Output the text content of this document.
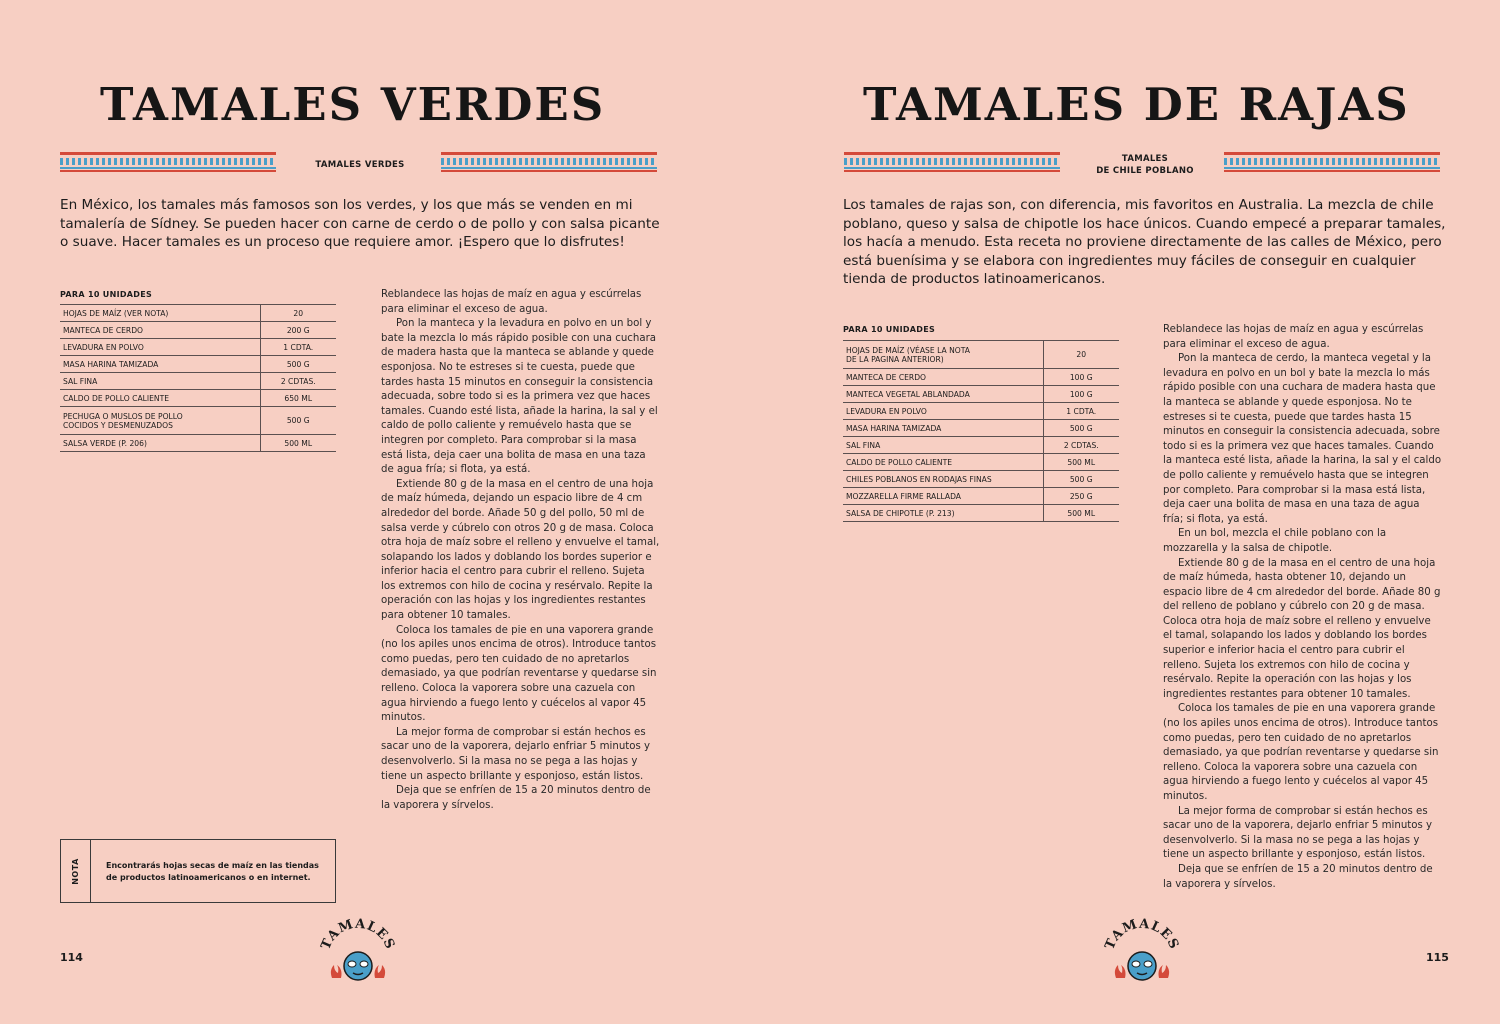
TAMALES VERDES
TAMALES VERDES
En México, los tamales más famosos son los verdes, y los que más se venden en mi tamalería de Sídney. Se pueden hacer con carne de cerdo o de pollo y con salsa picante o suave. Hacer tamales es un proceso que requiere amor. ¡Espero que lo disfrutes!
PARA 10 UNIDADES
HOJAS DE MAÍZ (VER NOTA)	20
MANTECA DE CERDO	200 G
LEVADURA EN POLVO	1 CDTA.
MASA HARINA TAMIZADA	500 G
SAL FINA	2 CDTAS.
CALDO DE POLLO CALIENTE	650 ML
PECHUGA O MUSLOS DE POLLO
COCIDOS Y DESMENUZADOS	500 G
SALSA VERDE (P. 206)	500 ML

Reblandece las hojas de maíz en agua y escúrrelas para eliminar el exceso de agua.

Pon la manteca y la levadura en polvo en un bol y bate la mezcla lo más rápido posible con una cuchara de madera hasta que la manteca se ablande y quede esponjosa. No te estreses si te cuesta, puede que tardes hasta 15 minutos en conseguir la consistencia adecuada, sobre todo si es la primera vez que haces tamales. Cuando esté lista, añade la harina, la sal y el caldo de pollo caliente y remuévelo hasta que se integren por completo. Para comprobar si la masa está lista, deja caer una bolita de masa en una taza de agua fría; si flota, ya está.

Extiende 80 g de la masa en el centro de una hoja de maíz húmeda, dejando un espacio libre de 4 cm alrededor del borde. Añade 50 g del pollo, 50 ml de salsa verde y cúbrelo con otros 20 g de masa. Coloca otra hoja de maíz sobre el relleno y envuelve el tamal, solapando los lados y doblando los bordes superior e inferior hacia el centro para cubrir el relleno. Sujeta los extremos con hilo de cocina y resérvalo. Repite la operación con las hojas y los ingredientes restantes para obtener 10 tamales.

Coloca los tamales de pie en una vaporera grande (no los apiles unos encima de otros). Introduce tantos como puedas, pero ten cuidado de no apretarlos demasiado, ya que podrían reventarse y quedarse sin relleno. Coloca la vaporera sobre una cazuela con agua hirviendo a fuego lento y cuécelos al vapor 45 minutos.

La mejor forma de comprobar si están hechos es sacar uno de la vaporera, dejarlo enfriar 5 minutos y desenvolverlo. Si la masa no se pega a las hojas y tiene un aspecto brillante y esponjoso, están listos.

Deja que se enfríen de 15 a 20 minutos dentro de la vaporera y sírvelos.

NOTA	Encontrarás hojas secas de maíz en las tiendas de productos latinoamericanos o en internet.
114
TAMALES
TAMALES DE RAJAS
TAMALES
DE CHILE POBLANO
Los tamales de rajas son, con diferencia, mis favoritos en Australia. La mezcla de chile poblano, queso y salsa de chipotle los hace únicos. Cuando empecé a preparar tamales, los hacía a menudo. Esta receta no proviene directamente de las calles de México, pero está buenísima y se elabora con ingredientes muy fáciles de conseguir en cualquier tienda de productos latinoamericanos.
PARA 10 UNIDADES
HOJAS DE MAÍZ (VÉASE LA NOTA
DE LA PAGINA ANTERIOR)	20
MANTECA DE CERDO	100 G
MANTECA VEGETAL ABLANDADA	100 G
LEVADURA EN POLVO	1 CDTA.
MASA HARINA TAMIZADA	500 G
SAL FINA	2 CDTAS.
CALDO DE POLLO CALIENTE	500 ML
CHILES POBLANOS EN RODAJAS FINAS	500 G
MOZZARELLA FIRME RALLADA	250 G
SALSA DE CHIPOTLE (P. 213)	500 ML

Reblandece las hojas de maíz en agua y escúrrelas para eliminar el exceso de agua.

Pon la manteca de cerdo, la manteca vegetal y la levadura en polvo en un bol y bate la mezcla lo más rápido posible con una cuchara de madera hasta que la manteca se ablande y quede esponjosa. No te estreses si te cuesta, puede que tardes hasta 15 minutos en conseguir la consistencia adecuada, sobre todo si es la primera vez que haces tamales. Cuando la manteca esté lista, añade la harina, la sal y el caldo de pollo caliente y remuévelo hasta que se integren por completo. Para comprobar si la masa está lista, deja caer una bolita de masa en una taza de agua fría; si flota, ya está.

En un bol, mezcla el chile poblano con la mozzarella y la salsa de chipotle.

Extiende 80 g de la masa en el centro de una hoja de maíz húmeda, hasta obtener 10, dejando un espacio libre de 4 cm alrededor del borde. Añade 80 g del relleno de poblano y cúbrelo con 20 g de masa. Coloca otra hoja de maíz sobre el relleno y envuelve el tamal, solapando los lados y doblando los bordes superior e inferior hacia el centro para cubrir el relleno. Sujeta los extremos con hilo de cocina y resérvalo. Repite la operación con las hojas y los ingredientes restantes para obtener 10 tamales.

Coloca los tamales de pie en una vaporera grande (no los apiles unos encima de otros). Introduce tantos como puedas, pero ten cuidado de no apretarlos demasiado, ya que podrían reventarse y quedarse sin relleno. Coloca la vaporera sobre una cazuela con agua hirviendo a fuego lento y cuécelos al vapor 45 minutos.

La mejor forma de comprobar si están hechos es sacar uno de la vaporera, dejarlo enfriar 5 minutos y desenvolverlo. Si la masa no se pega a las hojas y tiene un aspecto brillante y esponjoso, están listos.

Deja que se enfríen de 15 a 20 minutos dentro de la vaporera y sírvelos.

115
TAMALES
